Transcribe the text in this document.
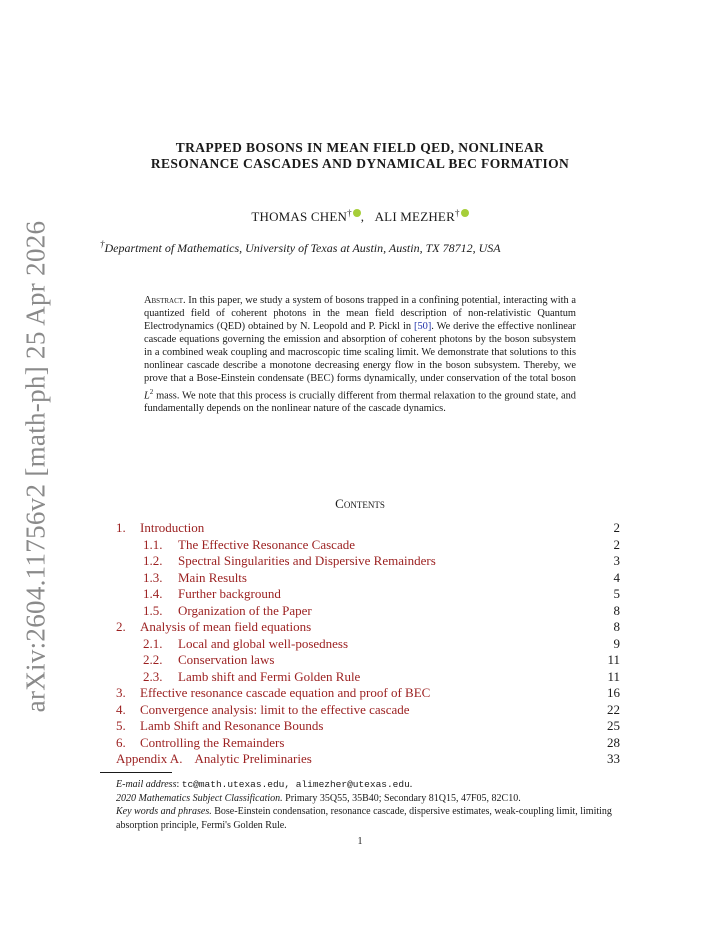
arXiv:2604.11756v2 [math-ph] 25 Apr 2026
TRAPPED BOSONS IN MEAN FIELD QED, NONLINEAR
RESONANCE CASCADES AND DYNAMICAL BEC FORMATION
THOMAS CHEN† ,   ALI MEZHER†
†Department of Mathematics, University of Texas at Austin, Austin, TX 78712, USA
Abstract. In this paper, we study a system of bosons trapped in a confining potential, interacting with a quantized field of coherent photons in the mean field description of non-relativistic Quantum Electrodynamics (QED) obtained by N. Leopold and P. Pickl in [50]. We derive the effective nonlinear cascade equations governing the emission and absorption of coherent photons by the boson subsystem in a combined weak coupling and macroscopic time scaling limit. We demonstrate that solutions to this nonlinear cascade describe a monotone decreasing energy flow in the boson subsystem. Thereby, we prove that a Bose-Einstein condensate (BEC) forms dynamically, under conservation of the total boson $L^2$ mass. We note that this process is crucially different from thermal relaxation to the ground state, and fundamentally depends on the nonlinear nature of the cascade dynamics.
Contents
1. Introduction	2
1.1. The Effective Resonance Cascade	2
1.2. Spectral Singularities and Dispersive Remainders	3
1.3. Main Results	4
1.4. Further background	5
1.5. Organization of the Paper	8
2. Analysis of mean field equations	8
2.1. Local and global well-posedness	9
2.2. Conservation laws	11
2.3. Lamb shift and Fermi Golden Rule	11
3. Effective resonance cascade equation and proof of BEC	16
4. Convergence analysis: limit to the effective cascade	22
5. Lamb Shift and Resonance Bounds	25
6. Controlling the Remainders	28
Appendix A. Analytic Preliminaries	33
E-mail address: tc@math.utexas.edu, alimezher@utexas.edu.
2020 Mathematics Subject Classification. Primary 35Q55, 35B40; Secondary 81Q15, 47F05, 82C10.
Key words and phrases. Bose-Einstein condensation, resonance cascade, dispersive estimates, weak-coupling limit, limiting absorption principle, Fermi's Golden Rule.
1
